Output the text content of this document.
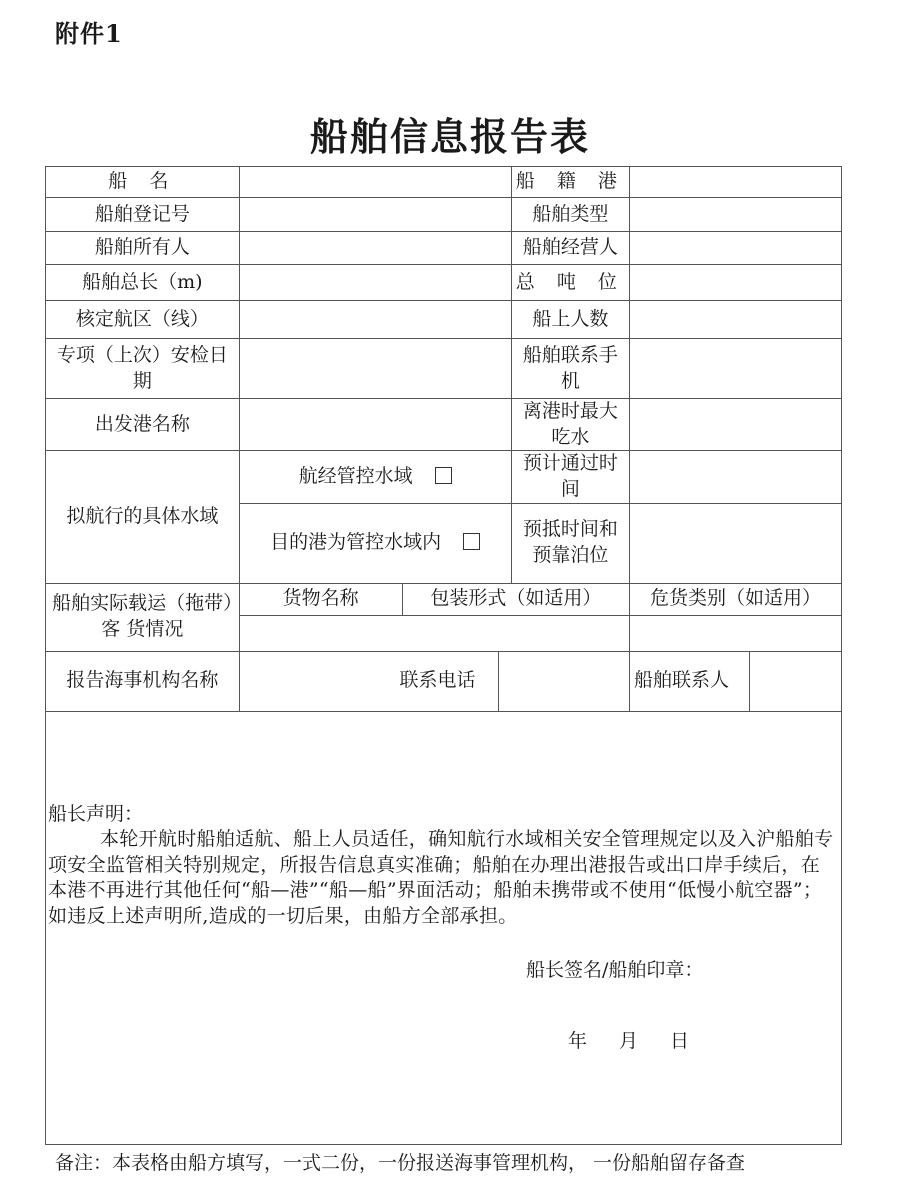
附件1
船舶信息报告表
船 名				船 籍 港		
船舶登记号				船舶类型		
船舶所有人				船舶经营人		
船舶总长（m)				总 吨 位		
核定航区（线）				船上人数		
专项（上次）安检日期				船舶联系手机		
出发港名称				离港时最大吃水		
拟航行的具体水域	航经管控水域			预计通过时间		
	目的港为管控水域内			预抵时间和预靠泊位		
船舶实际载运（拖带）客 货情况	货物名称	包装形式（如适用）			危货类别（如适用）	

报告海事机构名称	联系电话				船舶联系人	

船长声明：

本轮开航时船舶适航、船上人员适任，确知航行水域相关安全管理规定以及入沪船舶专项安全监管相关特别规定，所报告信息真实准确；船舶在办理出港报告或出口岸手续后，在本港不再进行其他任何“船—港”“船—船”界面活动；船舶未携带或不使用“低慢小航空器”；如违反上述声明所,造成的一切后果，由船方全部承担。

船长签名/船舶印章：

年 月 日						

备注：本表格由船方填写，一式二份，一份报送海事管理机构， 一份船舶留存备查
